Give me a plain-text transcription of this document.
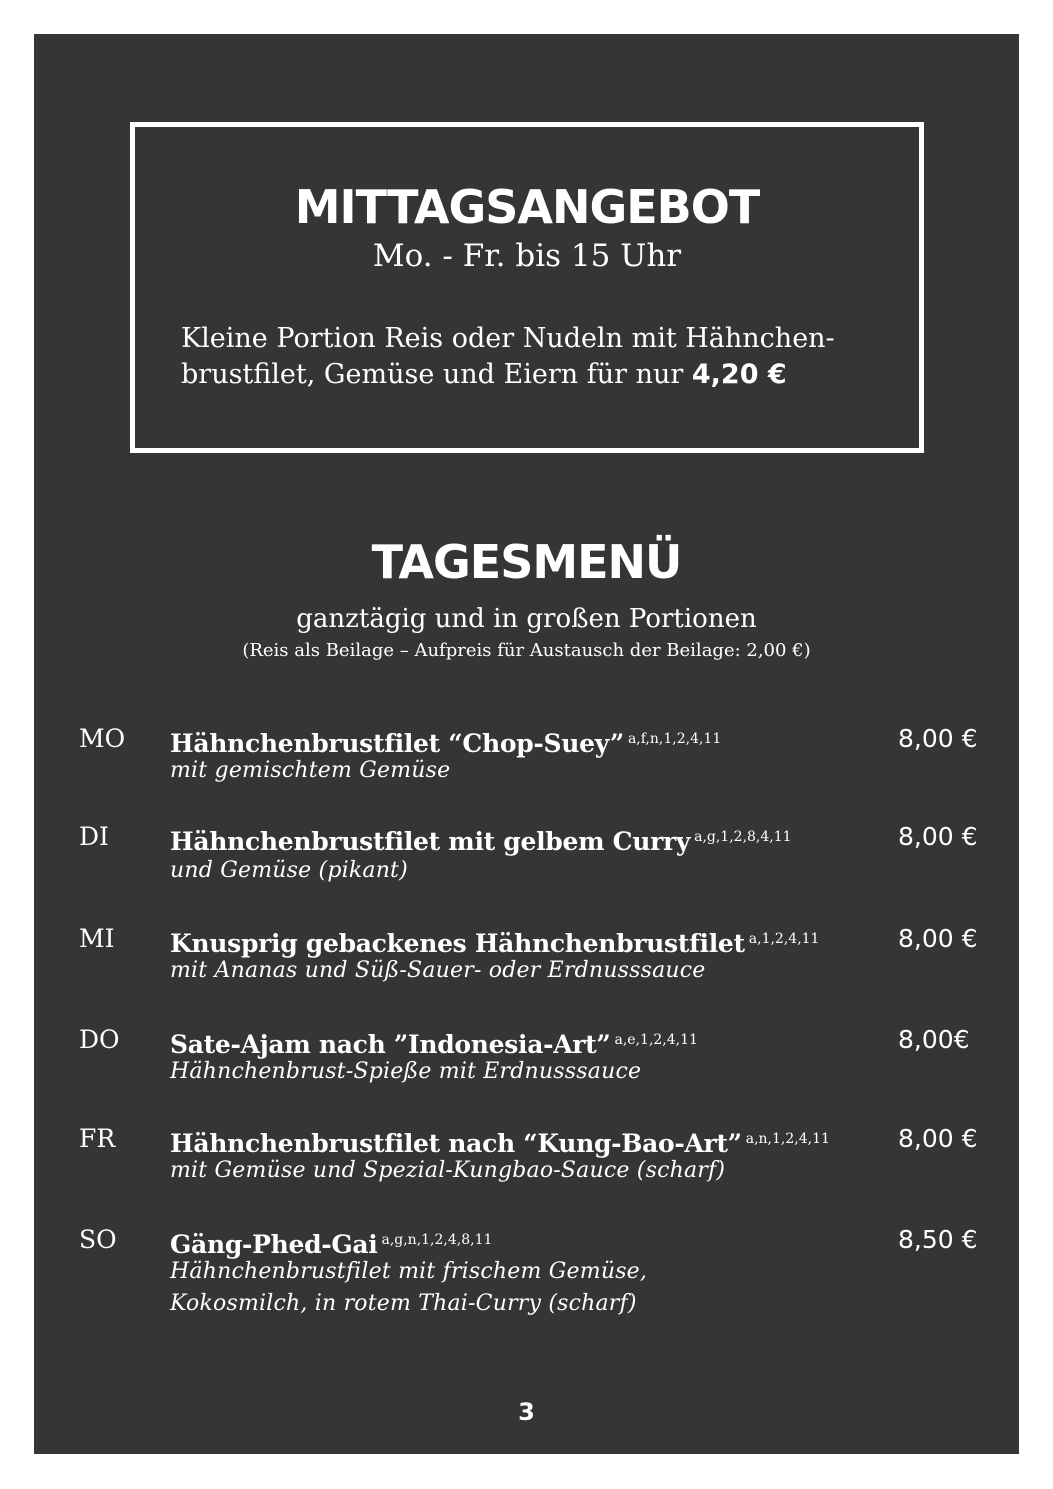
MITTAGSANGEBOT
Mo. - Fr. bis 15 Uhr
Kleine Portion Reis oder Nudeln mit Hähnchen-
brustfilet, Gemüse und Eiern für nur 4,20 €
TAGESMENÜ
ganztägig und in großen Portionen
(Reis als Beilage – Aufpreis für Austausch der Beilage: 2,00 €)
MO Hähnchenbrustfilet “Chop-Suey” $^{a,f,n,1,2,4,11}$
mit gemischtem Gemüse
8,00 €
DI Hähnchenbrustfilet mit gelbem Curry $^{a,g,1,2,8,4,11}$
und Gemüse (pikant)
8,00 €
MI Knusprig gebackenes Hähnchenbrustfilet $^{a,1,2,4,11}$
mit Ananas und Süß-Sauer- oder Erdnusssauce
8,00 €
DO Sate-Ajam nach ”Indonesia-Art” $^{a,e,1,2,4,11}$
Hähnchenbrust-Spieße mit Erdnusssauce
8,00€
FR Hähnchenbrustfilet nach “Kung-Bao-Art” $^{a,n,1,2,4,11}$
mit Gemüse und Spezial-Kungbao-Sauce (scharf)
8,00 €
SO Gäng-Phed-Gai $^{a,g,n,1,2,4,8,11}$
Hähnchenbrustfilet mit frischem Gemüse,
Kokosmilch, in rotem Thai-Curry (scharf)
8,50 €
3
